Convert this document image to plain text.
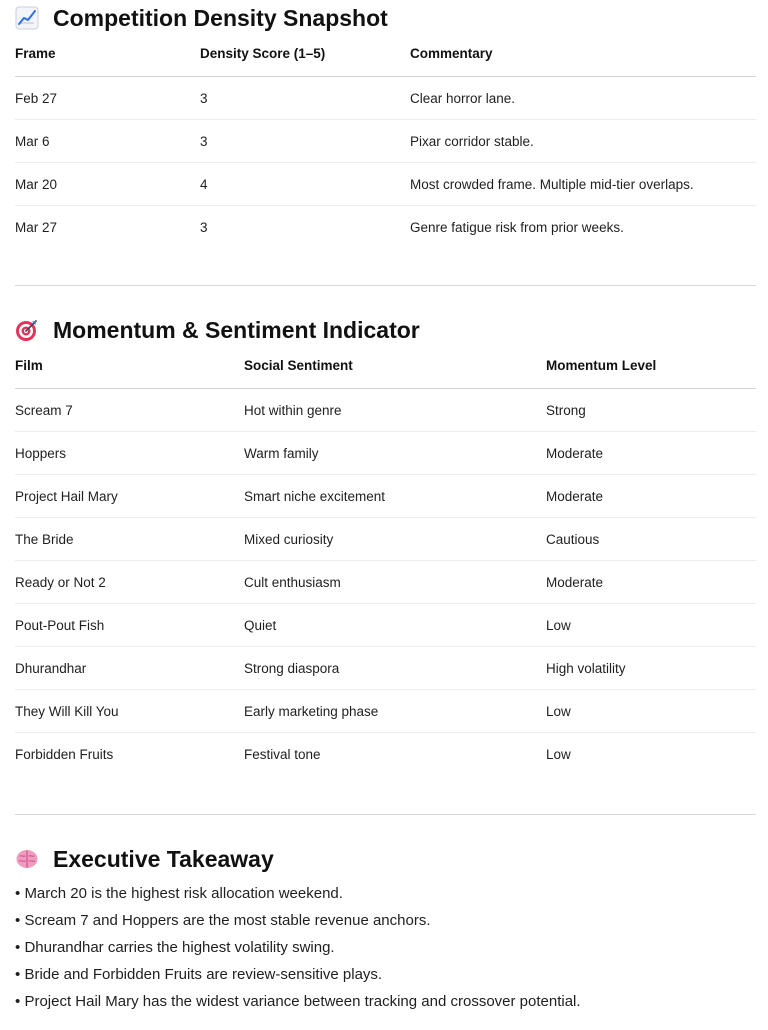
Competition Density Snapshot
Frame	Density Score (1–5)	Commentary
Feb 27	3	Clear horror lane.
Mar 6	3	Pixar corridor stable.
Mar 20	4	Most crowded frame. Multiple mid-tier overlaps.
Mar 27	3	Genre fatigue risk from prior weeks.
Momentum & Sentiment Indicator
Film	Social Sentiment	Momentum Level
Scream 7	Hot within genre	Strong
Hoppers	Warm family	Moderate
Project Hail Mary	Smart niche excitement	Moderate
The Bride	Mixed curiosity	Cautious
Ready or Not 2	Cult enthusiasm	Moderate
Pout-Pout Fish	Quiet	Low
Dhurandhar	Strong diaspora	High volatility
They Will Kill You	Early marketing phase	Low
Forbidden Fruits	Festival tone	Low
Executive Takeaway
• March 20 is the highest risk allocation weekend.
• Scream 7 and Hoppers are the most stable revenue anchors.
• Dhurandhar carries the highest volatility swing.
• Bride and Forbidden Fruits are review-sensitive plays.
• Project Hail Mary has the widest variance between tracking and crossover potential.
